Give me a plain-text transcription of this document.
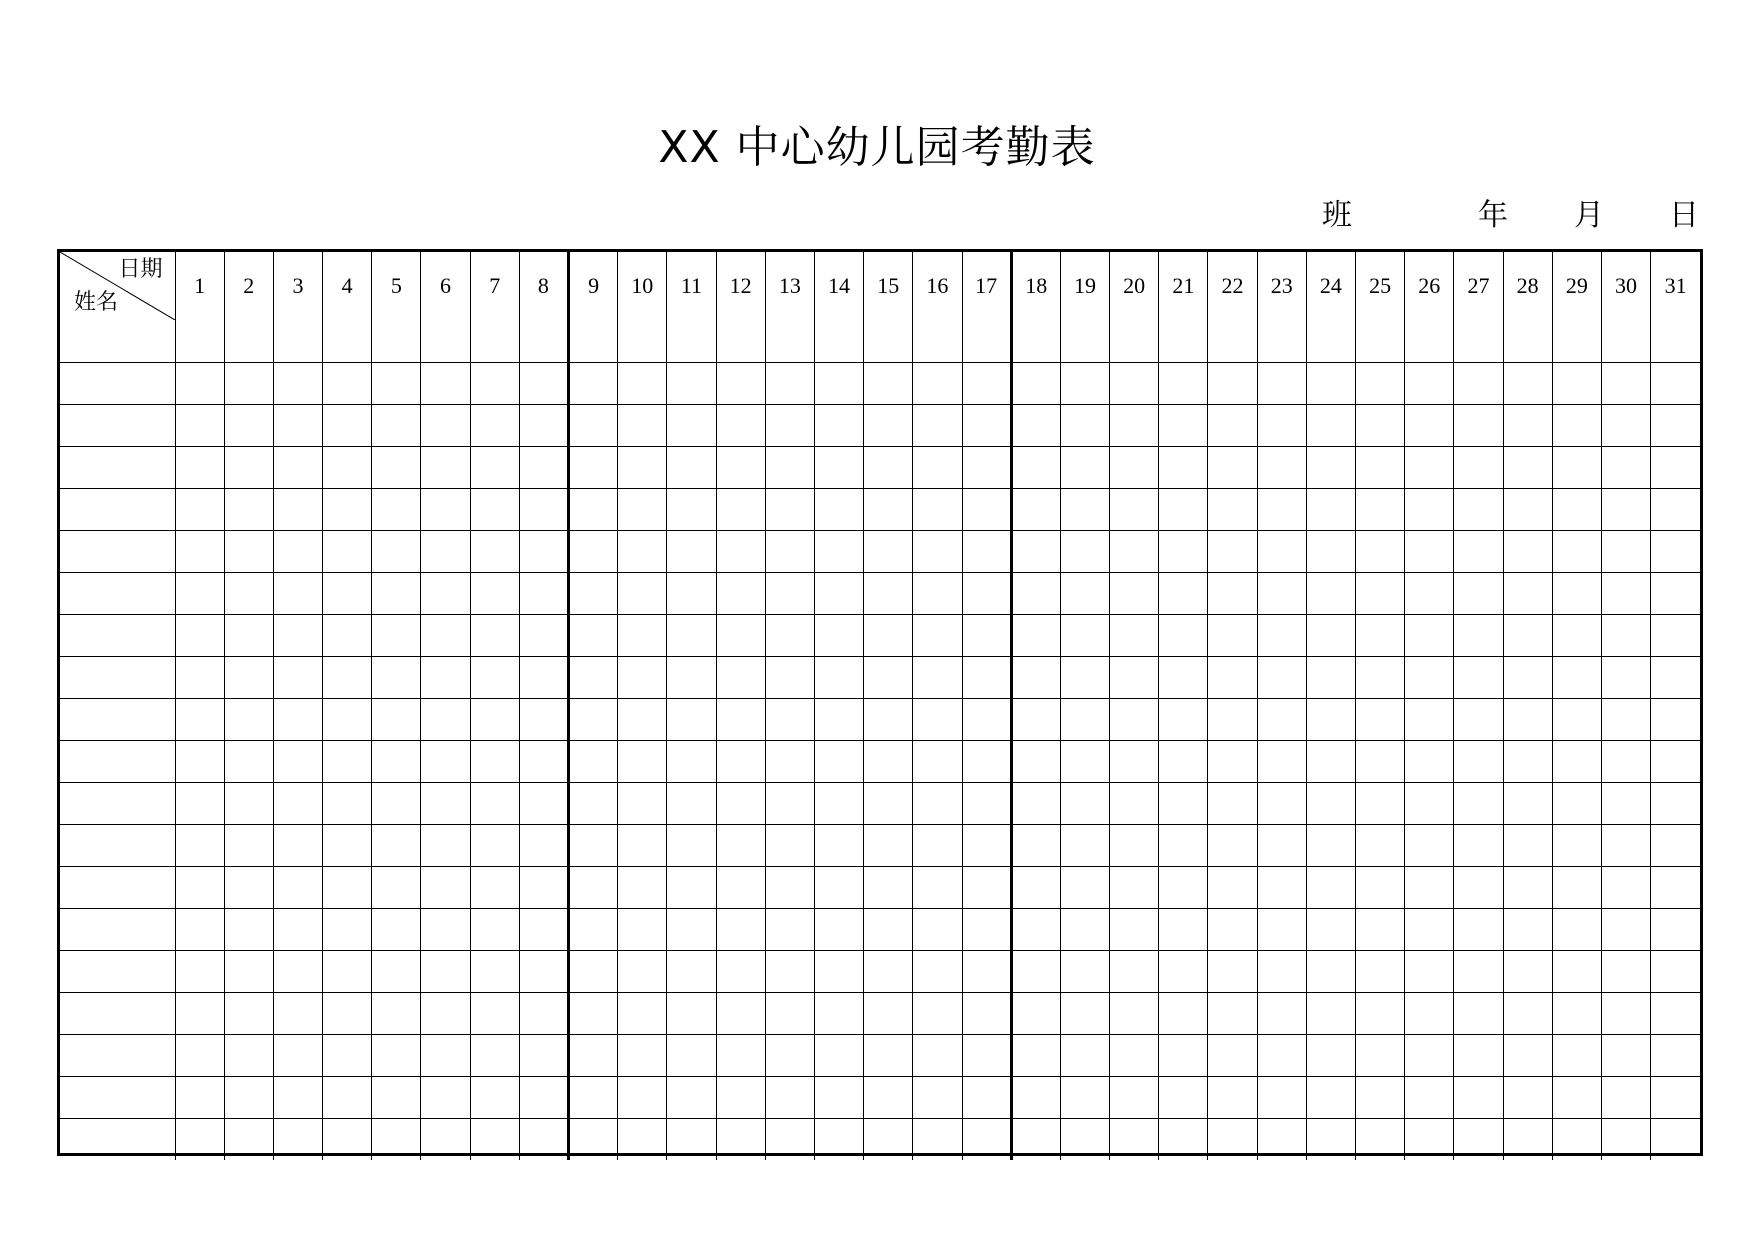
XX 中心幼儿园考勤表
班	年 月 日
日期
姓名	1	2	3	4	5	6	7	8	9	10	11	12	13	14	15	16	17	18	19	20	21	22	23	24	25	26	27	28	29	30	31
